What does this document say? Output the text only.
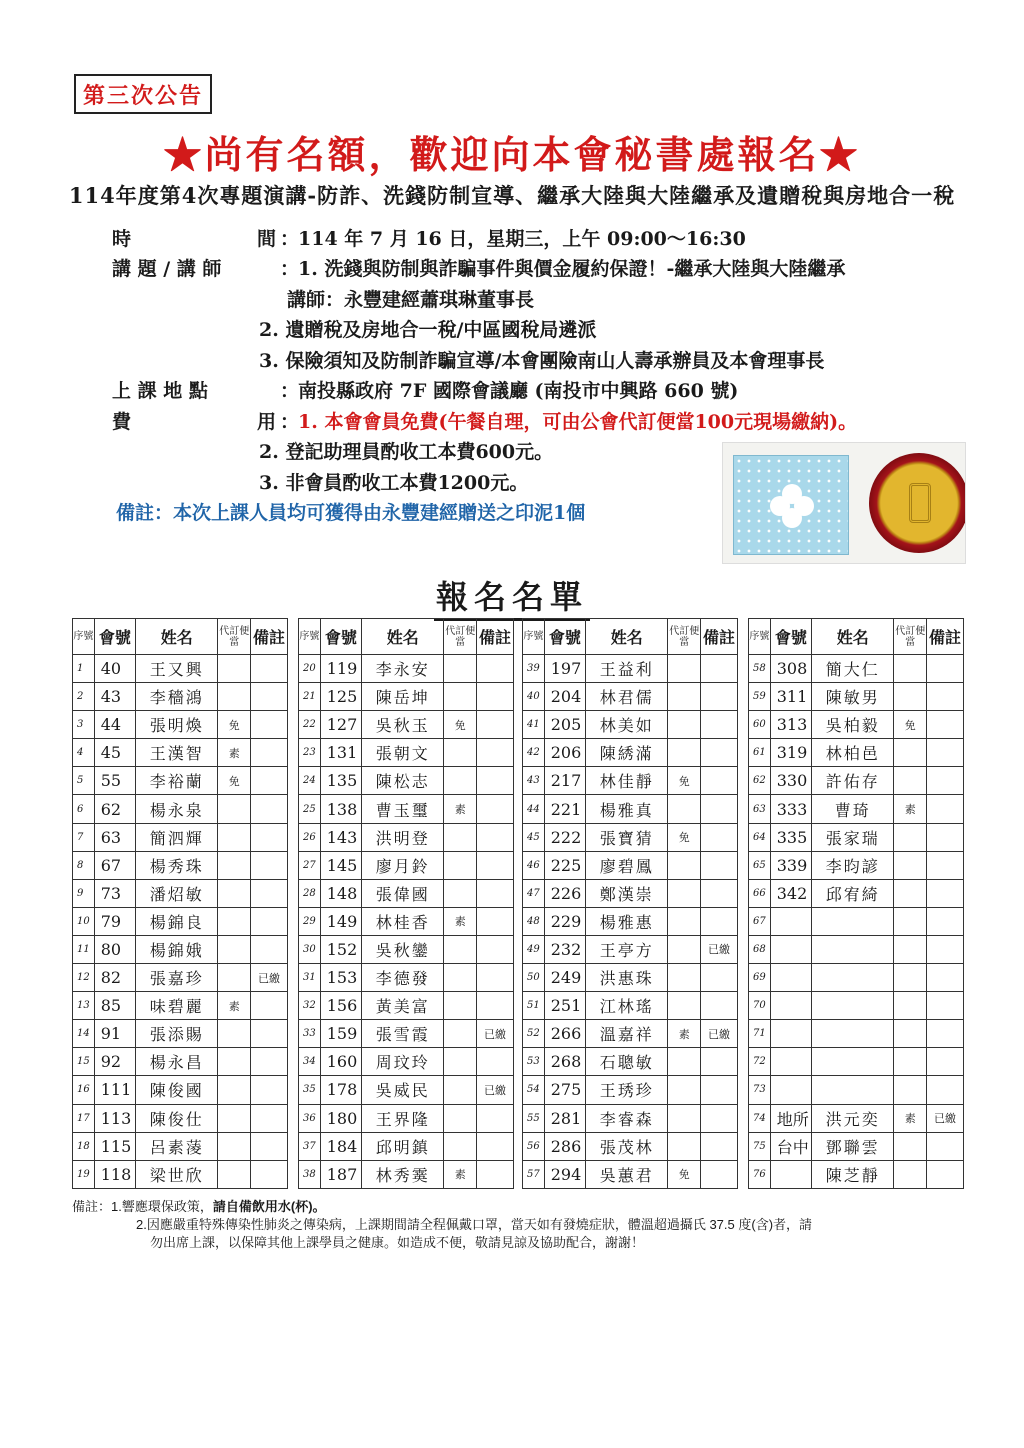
第三次公告
★尚有名額，歡迎向本會秘書處報名★
114年度第4次專題演講-防詐、洗錢防制宣導、繼承大陸與大陸繼承及遺贈稅與房地合一稅
時	間 ：
114 年 7 月 16 日，星期三，上午 09:00～16:30
講 題 / 講 師	：
1. 洗錢與防制與詐騙事件與價金履約保證！-繼承大陸與大陸繼承
講師：永豐建經蕭琪琳董事長
2. 遺贈稅及房地合一稅/中區國稅局遴派
3. 保險須知及防制詐騙宣導/本會團險南山人壽承辦員及本會理事長
上 課 地 點	：
南投縣政府 7F 國際會議廳 (南投市中興路 660 號)
費	用 ：
1. 本會會員免費(午餐自理，可由公會代訂便當100元現場繳納)。
2. 登記助理員酌收工本費600元。
3. 非會員酌收工本費1200元。
備註：本次上課人員均可獲得由永豐建經贈送之印泥1個
報名名單
序號	會號	姓名	代訂便當	備註
1	40	王又興		
2	43	李穡鴻		
3	44	張明煥	免	
4	45	王漢智	素	
5	55	李裕蘭	免	
6	62	楊永泉		
7	63	簡泗輝		
8	67	楊秀珠		
9	73	潘炤敏		
10	79	楊錦良		
11	80	楊錦娥		
12	82	張嘉珍		已繳
13	85	味碧麗	素	
14	91	張添賜		
15	92	楊永昌		
16	111	陳俊國		
17	113	陳俊仕		
18	115	呂素蓤		
19	118	梁世欣		
序號	會號	姓名	代訂便當	備註
20	119	李永安		
21	125	陳岳坤		
22	127	吳秋玉	免	
23	131	張朝文		
24	135	陳松志		
25	138	曹玉璽	素	
26	143	洪明登		
27	145	廖月鈴		
28	148	張偉國		
29	149	林桂香	素	
30	152	吳秋鑾		
31	153	李德發		
32	156	黃美富		
33	159	張雪霞		已繳
34	160	周玟玲		
35	178	吳威民		已繳
36	180	王界隆		
37	184	邱明鎮		
38	187	林秀霙	素	
序號	會號	姓名	代訂便當	備註
39	197	王益利		
40	204	林君儒		
41	205	林美如		
42	206	陳綉滿		
43	217	林佳靜	免	
44	221	楊雅真		
45	222	張寶猜	免	
46	225	廖碧鳳		
47	226	鄭漢崇		
48	229	楊雅惠		
49	232	王亭方		已繳
50	249	洪惠珠		
51	251	江林瑤		
52	266	溫嘉祥	素	已繳
53	268	石聰敏		
54	275	王琇珍		
55	281	李睿森		
56	286	張茂林		
57	294	吳蕙君	免	
序號	會號	姓名	代訂便當	備註
58	308	簡大仁		
59	311	陳敏男		
60	313	吳柏毅	免	
61	319	林柏邑		
62	330	許佑存		
63	333	曹琦	素	
64	335	張家瑞		
65	339	李昀諺		
66	342	邱宥綺		
67				
68				
69				
70				
71				
72				
73				
74	地所	洪元奕	素	已繳
75	台中	鄧聯雲		
76		陳芝靜		
備註：1.響應環保政策，請自備飲用水(杯)。
2.因應嚴重特殊傳染性肺炎之傳染病，上課期間請全程佩戴口罩，當天如有發燒症狀，體溫超過攝氏 37.5 度(含)者，請
勿出席上課，以保障其他上課學員之健康。如造成不便，敬請見諒及協助配合，謝謝！
